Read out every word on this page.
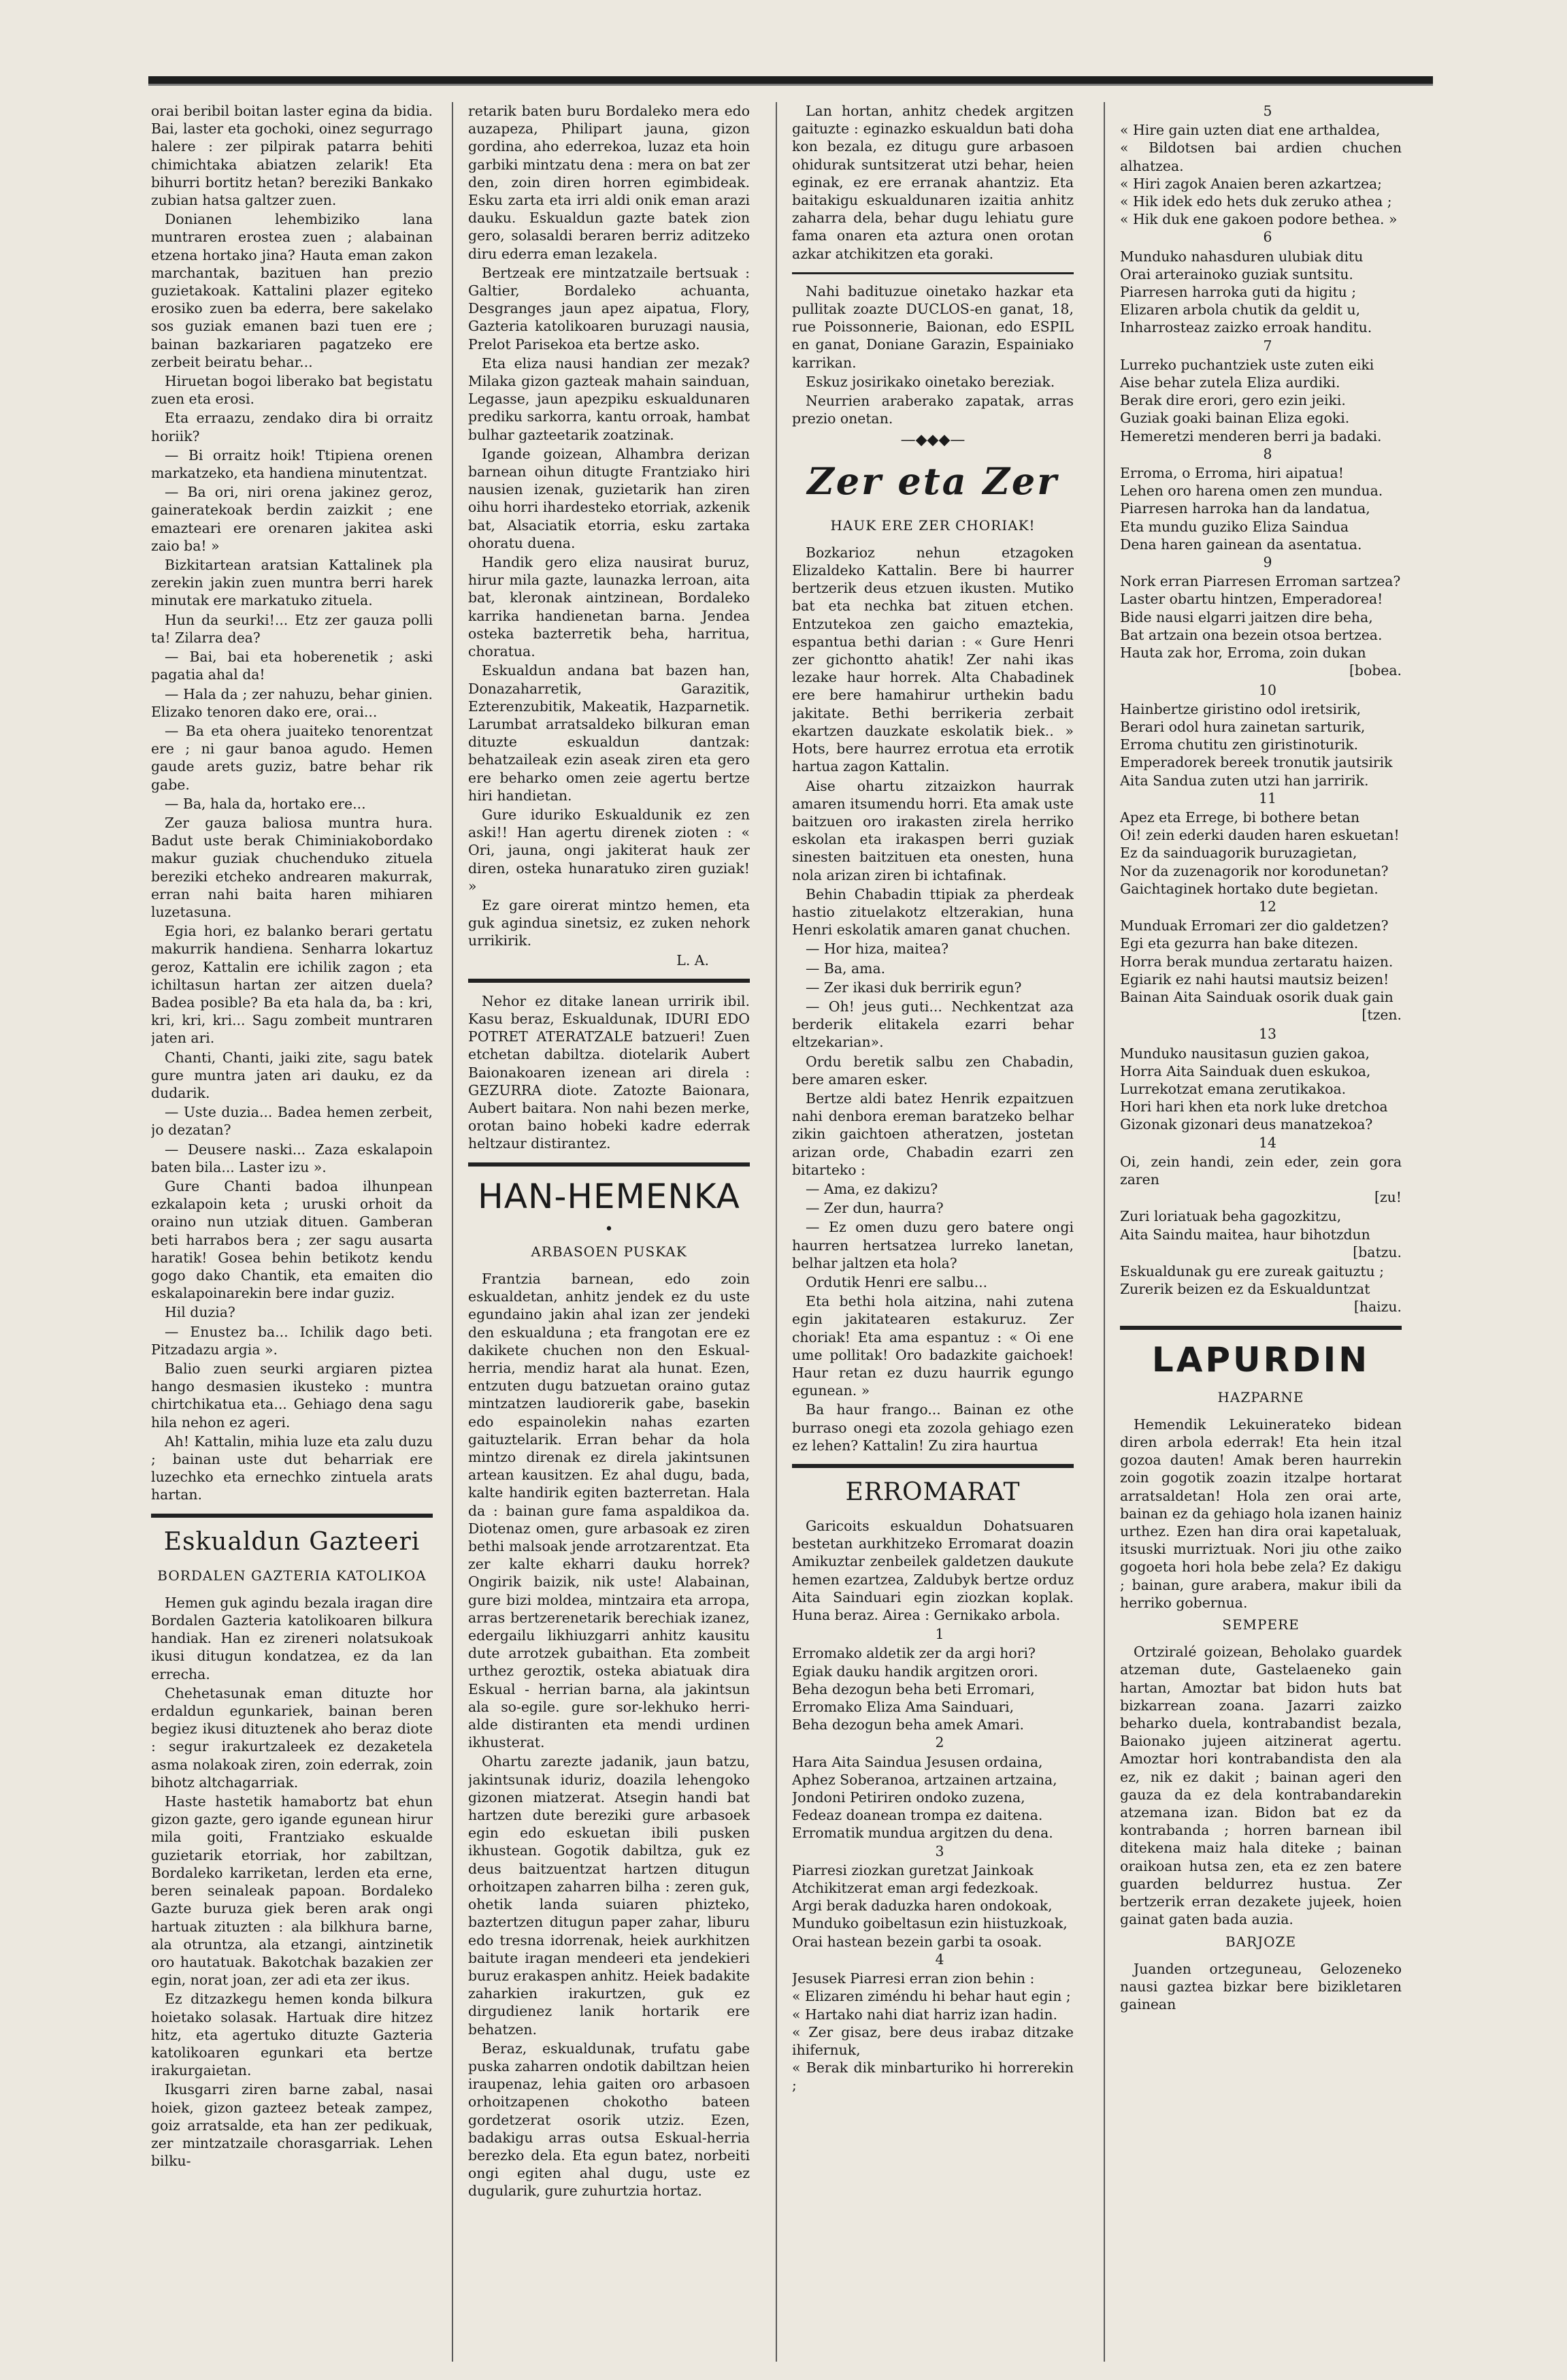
orai beribil boitan laster egina da bidia. Bai, laster eta gochoki, oinez segurrago halere : zer pilpirak patarra behiti chimichtaka abiatzen zelarik! Eta bihurri bortitz hetan? bereziki Bankako zubian hatsa galtzer zuen.

Donianen lehembiziko lana muntraren erostea zuen ; alabainan etzena hortako jina? Hauta eman zakon marchantak, bazituen han prezio guzietakoak. Kattalini plazer egiteko erosiko zuen ba ederra, bere sakelako sos guziak emanen bazi tuen ere ; bainan bazkariaren pagatzeko ere zerbeit beiratu behar...

Hiruetan bogoi liberako bat begistatu zuen eta erosi.

Eta erraazu, zendako dira bi orraitz horiik?

— Bi orraitz hoik! Ttipiena orenen markatzeko, eta handiena minutentzat.

— Ba ori, niri orena jakinez geroz, gaineratekoak berdin zaizkit ; ene emazteari ere orenaren jakitea aski zaio ba! »

Bizkitartean aratsian Kattalinek pla zerekin jakin zuen muntra berri harek minutak ere markatuko zituela.

Hun da seurki!... Etz zer gauza polli ta! Zilarra dea?

— Bai, bai eta hoberenetik ; aski pagatia ahal da!

— Hala da ; zer nahuzu, behar ginien. Elizako tenoren dako ere, orai...

— Ba eta ohera juaiteko tenorentzat ere ; ni gaur banoa agudo. Hemen gaude arets guziz, batre behar rik gabe.

— Ba, hala da, hortako ere...

Zer gauza baliosa muntra hura. Badut uste berak Chiminiakobordako makur guziak chuchenduko zituela bereziki etcheko andrearen makurrak, erran nahi baita haren mihiaren luzetasuna.

Egia hori, ez balanko berari gertatu makurrik handiena. Senharra lokartuz geroz, Kattalin ere ichilik zagon ; eta ichiltasun hartan zer aitzen duela? Badea posible? Ba eta hala da, ba : kri, kri, kri, kri... Sagu zombeit muntraren jaten ari.

Chanti, Chanti, jaiki zite, sagu batek gure muntra jaten ari dauku, ez da dudarik.

— Uste duzia... Badea hemen zerbeit, jo dezatan?

— Deusere naski... Zaza eskalapoin baten bila... Laster izu ».

Gure Chanti badoa ilhunpean ezkalapoin keta ; uruski orhoit da oraino nun utziak dituen. Gamberan beti harrabos bera ; zer sagu ausarta haratik! Gosea behin betikotz kendu gogo dako Chantik, eta emaiten dio eskalapoinarekin bere indar guziz.

Hil duzia?

— Enustez ba... Ichilik dago beti. Pitzadazu argia ».

Balio zuen seurki argiaren piztea hango desmasien ikusteko : muntra chirtchikatua eta... Gehiago dena sagu hila nehon ez ageri.

Ah! Kattalin, mihia luze eta zalu duzu ; bainan uste dut beharriak ere luzechko eta ernechko zintuela arats hartan.

Eskualdun Gazteeri
BORDALEN GAZTERIA KATOLIKOA

Hemen guk agindu bezala iragan dire Bordalen Gazteria katolikoaren bilkura handiak. Han ez zireneri nolatsukoak ikusi ditugun kondatzea, ez da lan errecha.

Chehetasunak eman dituzte hor erdaldun egunkariek, bainan beren begiez ikusi dituztenek aho beraz diote : segur irakurtzaleek ez dezaketela asma nolakoak ziren, zoin ederrak, zoin bihotz altchagarriak.

Haste hastetik hamabortz bat ehun gizon gazte, gero igande egunean hirur mila goiti, Frantziako eskualde guzietarik etorriak, hor zabiltzan, Bordaleko karriketan, lerden eta erne, beren seinaleak papoan. Bordaleko Gazte buruza giek beren arak ongi hartuak zituzten : ala bilkhura barne, ala otruntza, ala etzangi, aintzinetik oro hautatuak. Bakotchak bazakien zer egin, norat joan, zer adi eta zer ikus.

Ez ditzazkegu hemen konda bilkura hoietako solasak. Hartuak dire hitzez hitz, eta agertuko dituzte Gazteria katolikoaren egunkari eta bertze irakurgaietan.

Ikusgarri ziren barne zabal, nasai hoiek, gizon gazteez beteak zampez, goiz arratsalde, eta han zer pedikuak, zer mintzatzaile chorasgarriak. Lehen bilku-

retarik baten buru Bordaleko mera edo auzapeza, Philipart jauna, gizon gordina, aho ederrekoa, luzaz eta hoin garbiki mintzatu dena : mera on bat zer den, zoin diren horren egimbideak. Esku zarta eta irri aldi onik eman arazi dauku. Eskualdun gazte batek zion gero, solasaldi beraren berriz aditzeko diru ederra eman lezakela.

Bertzeak ere mintzatzaile bertsuak : Galtier, Bordaleko achuanta, Desgranges jaun apez aipatua, Flory, Gazteria katolikoaren buruzagi nausia, Prelot Parisekoa eta bertze asko.

Eta eliza nausi handian zer mezak? Milaka gizon gazteak mahain sainduan, Legasse, jaun apezpiku eskualdunaren prediku sarkorra, kantu orroak, hambat bulhar gazteetarik zoatzinak.

Igande goizean, Alhambra derizan barnean oihun ditugte Frantziako hiri nausien izenak, guzietarik han ziren oihu horri ihardesteko etorriak, azkenik bat, Alsaciatik etorria, esku zartaka ohoratu duena.

Handik gero eliza nausirat buruz, hirur mila gazte, launazka lerroan, aita bat, kleronak aintzinean, Bordaleko karrika handienetan barna. Jendea osteka bazterretik beha, harritua, choratua.

Eskualdun andana bat bazen han, Donazaharretik, Garazitik, Ezterenzubitik, Makeatik, Hazparnetik. Larumbat arratsaldeko bilkuran eman dituzte eskualdun dantzak: behatzaileak ezin aseak ziren eta gero ere beharko omen zeie agertu bertze hiri handietan.

Gure iduriko Eskualdunik ez zen aski!! Han agertu direnek zioten : « Ori, jauna, ongi jakiterat hauk zer diren, osteka hunaratuko ziren guziak! »

Ez gare oirerat mintzo hemen, eta guk agindua sinetsiz, ez zuken nehork urrikirik.

L. A.

Nehor ez ditake lanean urririk ibil. Kasu beraz, Eskualdunak, IDURI EDO POTRET ATERATZALE batzueri! Zuen etchetan dabiltza. diotelarik Aubert Baionakoaren izenean ari direla : GEZURRA diote. Zatozte Baionara, Aubert baitara. Non nahi bezen merke, orotan baino hobeki kadre ederrak heltzaur distirantez.

HAN-HEMENKA
•
ARBASOEN PUSKAK

Frantzia barnean, edo zoin eskualdetan, anhitz jendek ez du uste egundaino jakin ahal izan zer jendeki den eskualduna ; eta frangotan ere ez dakikete chuchen non den Eskual-herria, mendiz harat ala hunat. Ezen, entzuten dugu batzuetan oraino gutaz mintzatzen laudiorerik gabe, basekin edo espainolekin nahas ezarten gaituztelarik. Erran behar da hola mintzo direnak ez direla jakintsunen artean kausitzen. Ez ahal dugu, bada, kalte handirik egiten bazterretan. Hala da : bainan gure fama aspaldikoa da. Diotenaz omen, gure arbasoak ez ziren bethi malsoak jende arrotzarentzat. Eta zer kalte ekharri dauku horrek? Ongirik baizik, nik uste! Alabainan, gure bizi moldea, mintzaira eta arropa, arras bertzerenetarik berechiak izanez, edergailu likhiuzgarri anhitz kausitu dute arrotzek gubaithan. Eta zombeit urthez geroztik, osteka abiatuak dira Eskual - herrian barna, ala jakintsun ala so-egile. gure sor-lekhuko herri-alde distiranten eta mendi urdinen ikhusterat.

Ohartu zarezte jadanik, jaun batzu, jakintsunak iduriz, doazila lehengoko gizonen miatzerat. Atsegin handi bat hartzen dute bereziki gure arbasoek egin edo eskuetan ibili pusken ikhustean. Gogotik dabiltza, guk ez deus baitzuentzat hartzen ditugun orhoitzapen zaharren bilha : zeren guk, ohetik landa suiaren phizteko, baztertzen ditugun paper zahar, liburu edo tresna idorrenak, heiek aurkhitzen baitute iragan mendeeri eta jendekieri buruz erakaspen anhitz. Heiek badakite zaharkien irakurtzen, guk ez dirgudienez lanik hortarik ere behatzen.

Beraz, eskualdunak, trufatu gabe puska zaharren ondotik dabiltzan heien iraupenaz, lehia gaiten oro arbasoen orhoitzapenen chokotho bateen gordetzerat osorik utziz. Ezen, badakigu arras outsa Eskual-herria berezko dela. Eta egun batez, norbeiti ongi egiten ahal dugu, uste ez dugularik, gure zuhurtzia hortaz.

Lan hortan, anhitz chedek argitzen gaituzte : eginazko eskualdun bati doha kon bezala, ez ditugu gure arbasoen ohidurak suntsitzerat utzi behar, heien eginak, ez ere erranak ahantziz. Eta baitakigu eskualdunaren izaitia anhitz zaharra dela, behar dugu lehiatu gure fama onaren eta aztura onen orotan azkar atchikitzen eta goraki.

Nahi badituzue oinetako hazkar eta pullitak zoazte DUCLOS-en ganat, 18, rue Poissonnerie, Baionan, edo ESPIL en ganat, Doniane Garazin, Espainiako karrikan.

Eskuz josirikako oinetako bereziak.

Neurrien araberako zapatak, arras prezio onetan.

—◆◆◆—
Zer eta Zer
HAUK ERE ZER CHORIAK!

Bozkarioz nehun etzagoken Elizaldeko Kattalin. Bere bi haurrer bertzerik deus etzuen ikusten. Mutiko bat eta nechka bat zituen etchen. Entzutekoa zen gaicho emaztekia, espantua bethi darian : « Gure Henri zer gichontto ahatik! Zer nahi ikas lezake haur horrek. Alta Chabadinek ere bere hamahirur urthekin badu jakitate. Bethi berrikeria zerbait ekartzen dauzkate eskolatik biek.. » Hots, bere haurrez errotua eta errotik hartua zagon Kattalin.

Aise ohartu zitzaizkon haurrak amaren itsumendu horri. Eta amak uste baitzuen oro irakasten zirela herriko eskolan eta irakaspen berri guziak sinesten baitzituen eta onesten, huna nola arizan ziren bi ichtafinak.

Behin Chabadin ttipiak za pherdeak hastio zituelakotz eltzerakian, huna Henri eskolatik amaren ganat chuchen.

— Hor hiza, maitea?

— Ba, ama.

— Zer ikasi duk berririk egun?

— Oh! jeus guti... Nechkentzat aza berderik elitakela ezarri behar eltzekarian».

Ordu beretik salbu zen Chabadin, bere amaren esker.

Bertze aldi batez Henrik ezpaitzuen nahi denbora ereman baratzeko belhar zikin gaichtoen atheratzen, jostetan arizan orde, Chabadin ezarri zen bitarteko :

— Ama, ez dakizu?

— Zer dun, haurra?

— Ez omen duzu gero batere ongi haurren hertsatzea lurreko lanetan, belhar jaltzen eta hola?

Ordutik Henri ere salbu...

Eta bethi hola aitzina, nahi zutena egin jakitatearen estakuruz. Zer choriak! Eta ama espantuz : « Oi ene ume pollitak! Oro badazkite gaichoek! Haur retan ez duzu haurrik egungo egunean. »

Ba haur frango... Bainan ez othe burraso onegi eta zozola gehiago ezen ez lehen? Kattalin! Zu zira haurtua

ERROMARAT

Garicoits eskualdun Dohatsuaren bestetan aurkhitzeko Erromarat doazin Amikuztar zenbeilek galdetzen daukute hemen ezartzea, Zaldubyk bertze orduz Aita Sainduari egin ziozkan koplak. Huna beraz. Airea : Gernikako arbola.

1

Erromako aldetik zer da argi hori?

Egiak dauku handik argitzen orori.

Beha dezogun beha beti Erromari,

Erromako Eliza Ama Sainduari,

Beha dezogun beha amek Amari.

2

Hara Aita Saindua Jesusen ordaina,

Aphez Soberanoa, artzainen artzaina,

Jondoni Petiriren ondoko zuzena,

Fedeaz doanean trompa ez daitena.

Erromatik mundua argitzen du dena.

3

Piarresi ziozkan guretzat Jainkoak

Atchikitzerat eman argi fedezkoak.

Argi berak daduzka haren ondokoak,

Munduko goibeltasun ezin hiistuzkoak,

Orai hastean bezein garbi ta osoak.

4

Jesusek Piarresi erran zion behin :

« Elizaren ziméndu hi behar haut egin ;

« Hartako nahi diat harriz izan hadin.

« Zer gisaz, bere deus irabaz ditzake ihifernuk,

« Berak dik minbarturiko hi horrerekin ;

5

« Hire gain uzten diat ene arthaldea,

« Bildotsen bai ardien chuchen alhatzea.

« Hiri zagok Anaien beren azkartzea;

« Hik idek edo hets duk zeruko athea ;

« Hik duk ene gakoen podore bethea. »

6

Munduko nahasduren ulubiak ditu

Orai arterainoko guziak suntsitu.

Piarresen harroka guti da higitu ;

Elizaren arbola chutik da geldit u,

Inharrosteaz zaizko erroak handitu.

7

Lurreko puchantziek uste zuten eiki

Aise behar zutela Eliza aurdiki.

Berak dire erori, gero ezin jeiki.

Guziak goaki bainan Eliza egoki.

Hemeretzi menderen berri ja badaki.

8

Erroma, o Erroma, hiri aipatua!

Lehen oro harena omen zen mundua.

Piarresen harroka han da landatua,

Eta mundu guziko Eliza Saindua

Dena haren gainean da asentatua.

9

Nork erran Piarresen Erroman sartzea?

Laster obartu hintzen, Emperadorea!

Bide nausi elgarri jaitzen dire beha,

Bat artzain ona bezein otsoa bertzea.

Hauta zak hor, Erroma, zoin dukan

[bobea.

10

Hainbertze giristino odol iretsirik,

Berari odol hura zainetan sarturik,

Erroma chutitu zen giristinoturik.

Emperadorek bereek tronutik jautsirik

Aita Sandua zuten utzi han jarririk.

11

Apez eta Errege, bi bothere betan

Oi! zein ederki dauden haren eskuetan!

Ez da sainduagorik buruzagietan,

Nor da zuzenagorik nor korodunetan?

Gaichtaginek hortako dute begietan.

12

Munduak Erromari zer dio galdetzen?

Egi eta gezurra han bake ditezen.

Horra berak mundua zertaratu haizen.

Egiarik ez nahi hautsi mautsiz beizen!

Bainan Aita Sainduak osorik duak gain

[tzen.

13

Munduko nausitasun guzien gakoa,

Horra Aita Sainduak duen eskukoa,

Lurrekotzat emana zerutikakoa.

Hori hari khen eta nork luke dretchoa

Gizonak gizonari deus manatzekoa?

14

Oi, zein handi, zein eder, zein gora zaren

[zu!

Zuri loriatuak beha gagozkitzu,

Aita Saindu maitea, haur bihotzdun

[batzu.

Eskualdunak gu ere zureak gaituztu ;

Zurerik beizen ez da Eskualduntzat

[haizu.

LAPURDIN
HAZPARNE

Hemendik Lekuinerateko bidean diren arbola ederrak! Eta hein itzal gozoa dauten! Amak beren haurrekin zoin gogotik zoazin itzalpe hortarat arratsaldetan! Hola zen orai arte, bainan ez da gehiago hola izanen hainiz urthez. Ezen han dira orai kapetaluak, itsuski murriztuak. Nori jiu othe zaiko gogoeta hori hola bebe zela? Ez dakigu ; bainan, gure arabera, makur ibili da herriko gobernua.

SEMPERE

Ortziralé goizean, Beholako guardek atzeman dute, Gastelaeneko gain hartan, Amoztar bat bidon huts bat bizkarrean zoana. Jazarri zaizko beharko duela, kontrabandist bezala, Baionako jujeen aitzinerat agertu. Amoztar hori kontrabandista den ala ez, nik ez dakit ; bainan ageri den gauza da ez dela kontrabandarekin atzemana izan. Bidon bat ez da kontrabanda ; horren barnean ibil ditekena maiz hala diteke ; bainan oraikoan hutsa zen, eta ez zen batere guarden beldurrez hustua. Zer bertzerik erran dezakete jujeek, hoien gainat gaten bada auzia.

BARJOZE

Juanden ortzeguneau, Gelozeneko nausi gaztea bizkar bere bizikletaren gainean
